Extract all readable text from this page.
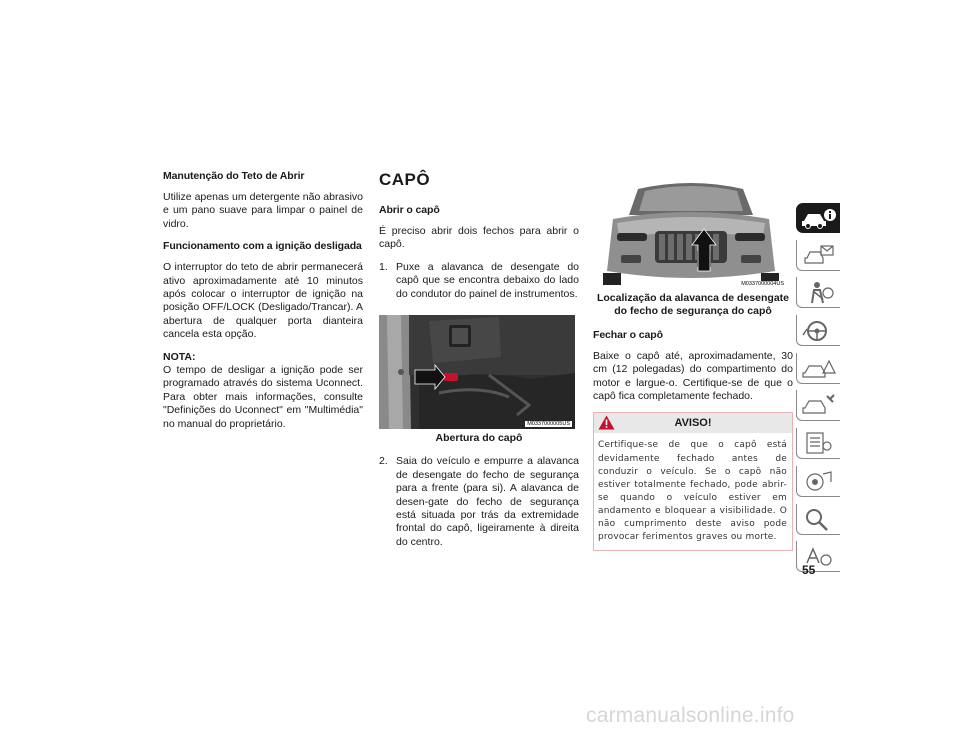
Manutenção do Teto de Abrir

Utilize apenas um detergente não abrasivo e um pano suave para limpar o painel de vidro.

Funcionamento com a ignição desligada

O interruptor do teto de abrir permanecerá ativo aproximadamente até 10 minutos após colocar o interruptor de ignição na posição OFF/LOCK (Desligado/Trancar). A abertura de qualquer porta dianteira cancela esta opção.

NOTA:
O tempo de desligar a ignição pode ser programado através do sistema Uconnect. Para obter mais informações, consulte "Definições do Uconnect" em "Multimédia" no manual do proprietário.

CAPÔ
Abrir o capô

É preciso abrir dois fechos para abrir o capô.

1. Puxe a alavanca de desengate do capô que se encontra debaixo do lado do condutor do painel de instrumentos.
M0337000005US
Abertura do capô
2. Saia do veículo e empurre a alavanca de desengate do fecho de segurança para a frente (para si). A alavanca de desen-gate do fecho de segurança está situada por trás da extremidade frontal do capô, ligeiramente à direita do centro.
M0337000004US
Localização da alavanca de desengate do fecho de segurança do capô
Fechar o capô

Baixe o capô até, aproximadamente, 30 cm (12 polegadas) do compartimento do motor e largue-o. Certifique-se de que o capô fica completamente fechado.

AVISO!
Certifique-se de que o capô está devidamente fechado antes de conduzir o veículo. Se o capô não estiver totalmente fechado, pode abrir-se quando o veículo estiver em andamento e bloquear a visibilidade. O não cumprimento deste aviso pode provocar ferimentos graves ou morte.
55
carmanualsonline.info
